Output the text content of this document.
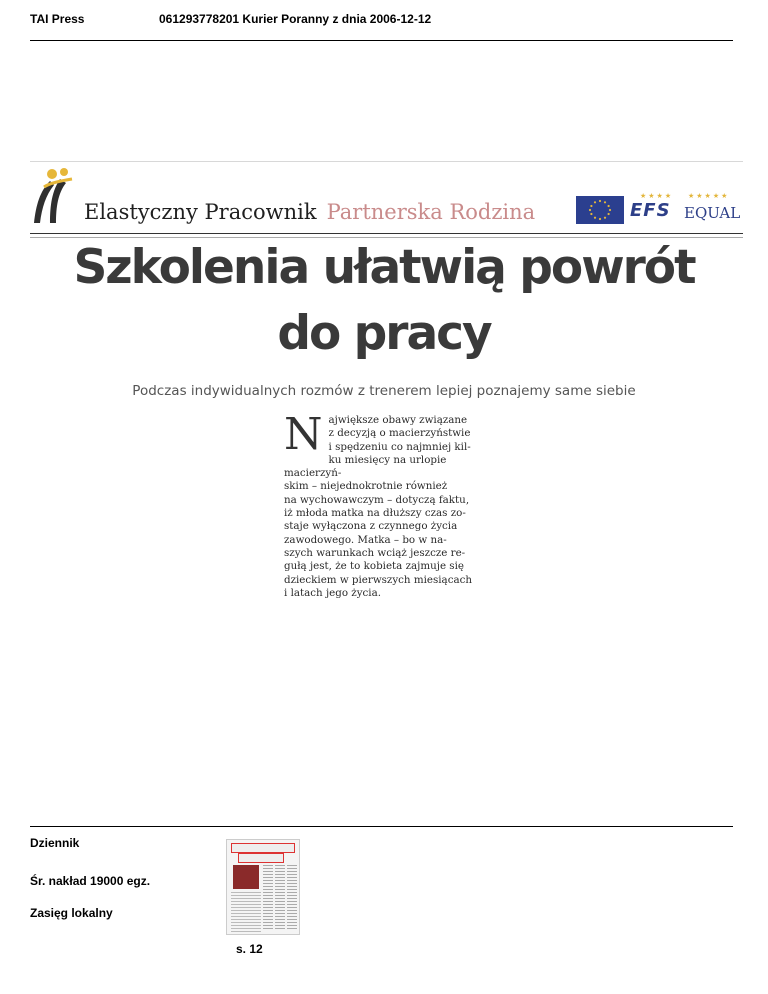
TAI Press	061293778201 Kurier Poranny z dnia 2006-12-12
Elastyczny Pracownik Partnerska Rodzina
★★★★
EFS
★★★★★
EQUAL
Szkolenia ułatwią powrót
do pracy
Podczas indywidualnych rozmów z trenerem lepiej poznajemy same siebie
N ajwiększe obawy związane
z decyzją o macierzyństwie
i spędzeniu co najmniej kil-
ku miesięcy na urlopie macierzyń-
skim – niejednokrotnie również
na wychowawczym – dotyczą faktu,
iż młoda matka na dłuższy czas zo-
staje wyłączona z czynnego życia
zawodowego. Matka – bo w na-
szych warunkach wciąż jeszcze re-
gułą jest, że to kobieta zajmuje się
dzieckiem w pierwszych miesiącach
i latach jego życia.
Dziennik
Śr. nakład 19000 egz.
Zasięg lokalny
s. 12
